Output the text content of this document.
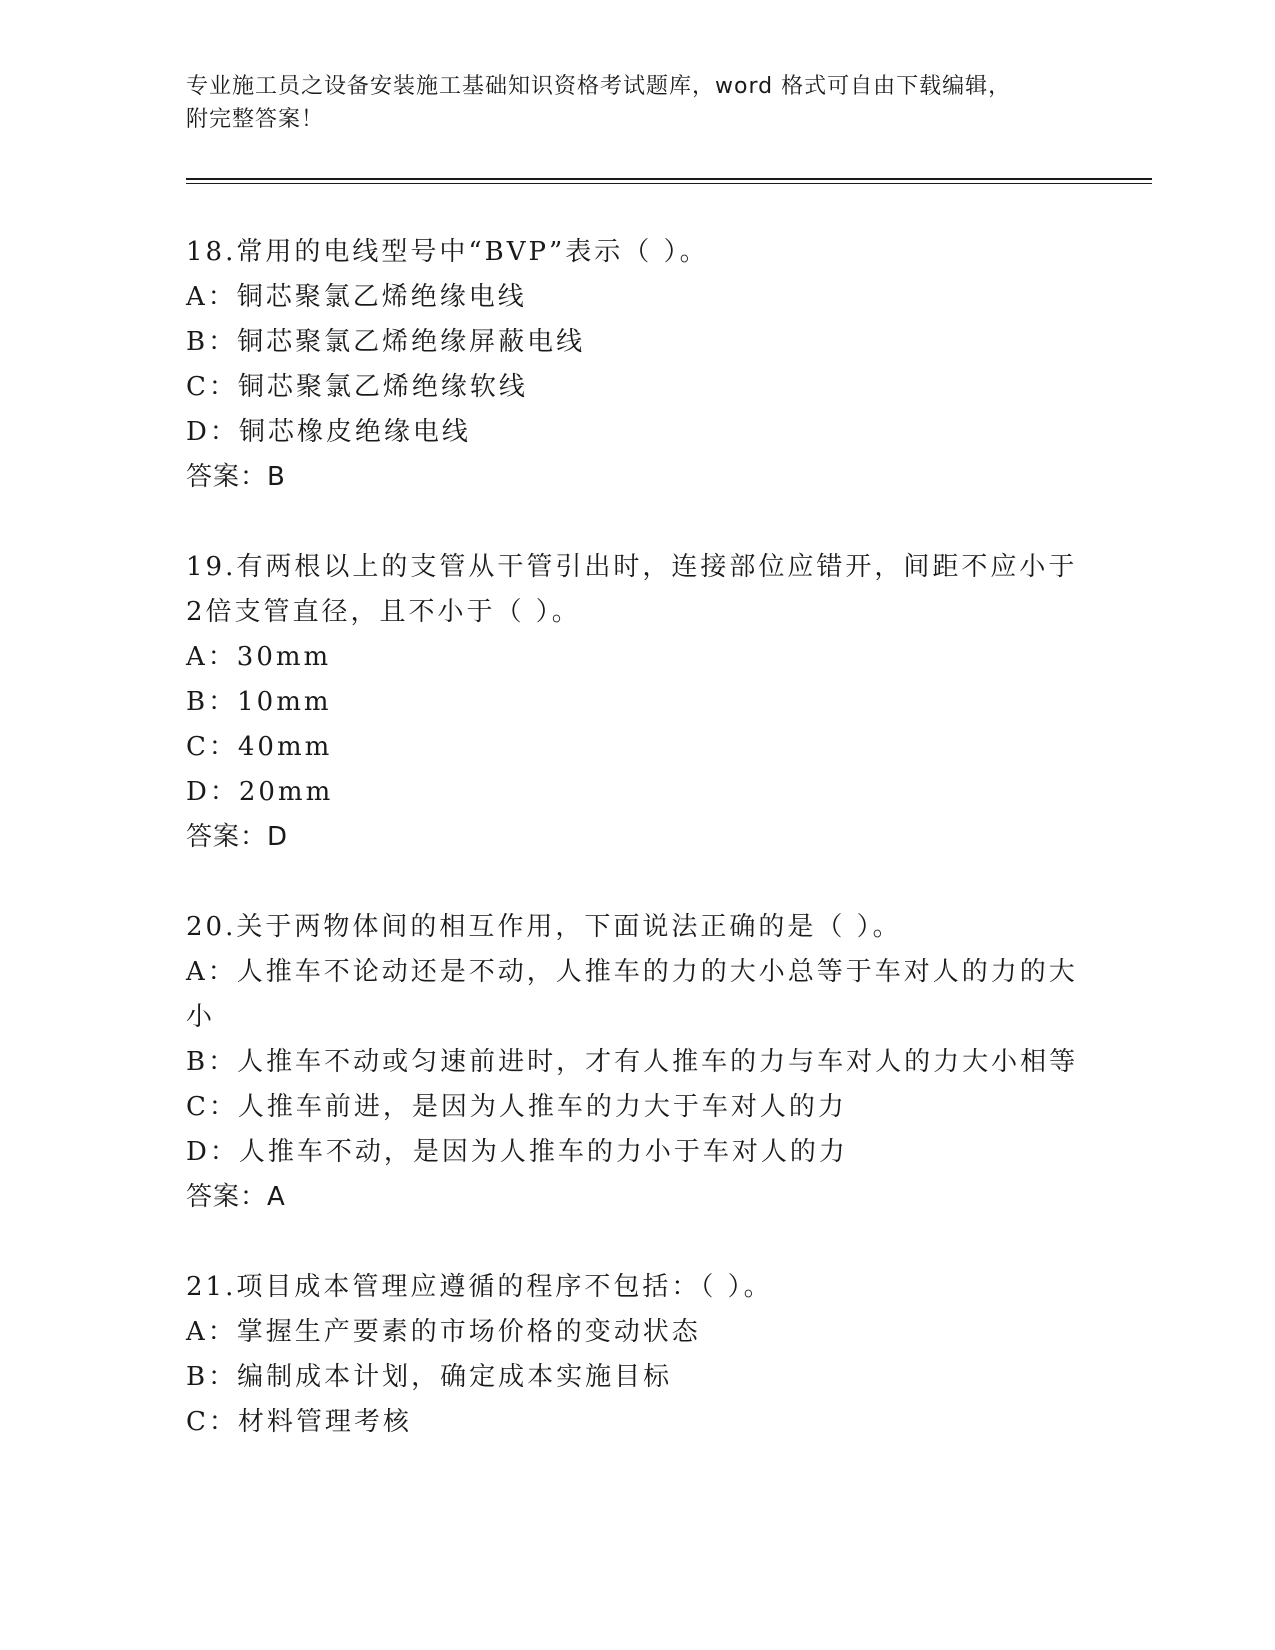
专业施工员之设备安装施工基础知识资格考试题库，word 格式可自由下载编辑，
附完整答案！
18.常用的电线型号中“BVP”表示（ ）。
A：铜芯聚氯乙烯绝缘电线
B：铜芯聚氯乙烯绝缘屏蔽电线
C：铜芯聚氯乙烯绝缘软线
D：铜芯橡皮绝缘电线
答案：B
19.有两根以上的支管从干管引出时，连接部位应错开，间距不应小于2倍支管直径，且不小于（ ）。
A：30mm
B：10mm
C：40mm
D：20mm
答案：D
20.关于两物体间的相互作用，下面说法正确的是（ ）。
A：人推车不论动还是不动，人推车的力的大小总等于车对人的力的大小
B：人推车不动或匀速前进时，才有人推车的力与车对人的力大小相等
C：人推车前进，是因为人推车的力大于车对人的力
D：人推车不动，是因为人推车的力小于车对人的力
答案：A
21.项目成本管理应遵循的程序不包括：（ ）。
A：掌握生产要素的市场价格的变动状态
B：编制成本计划，确定成本实施目标
C：材料管理考核
